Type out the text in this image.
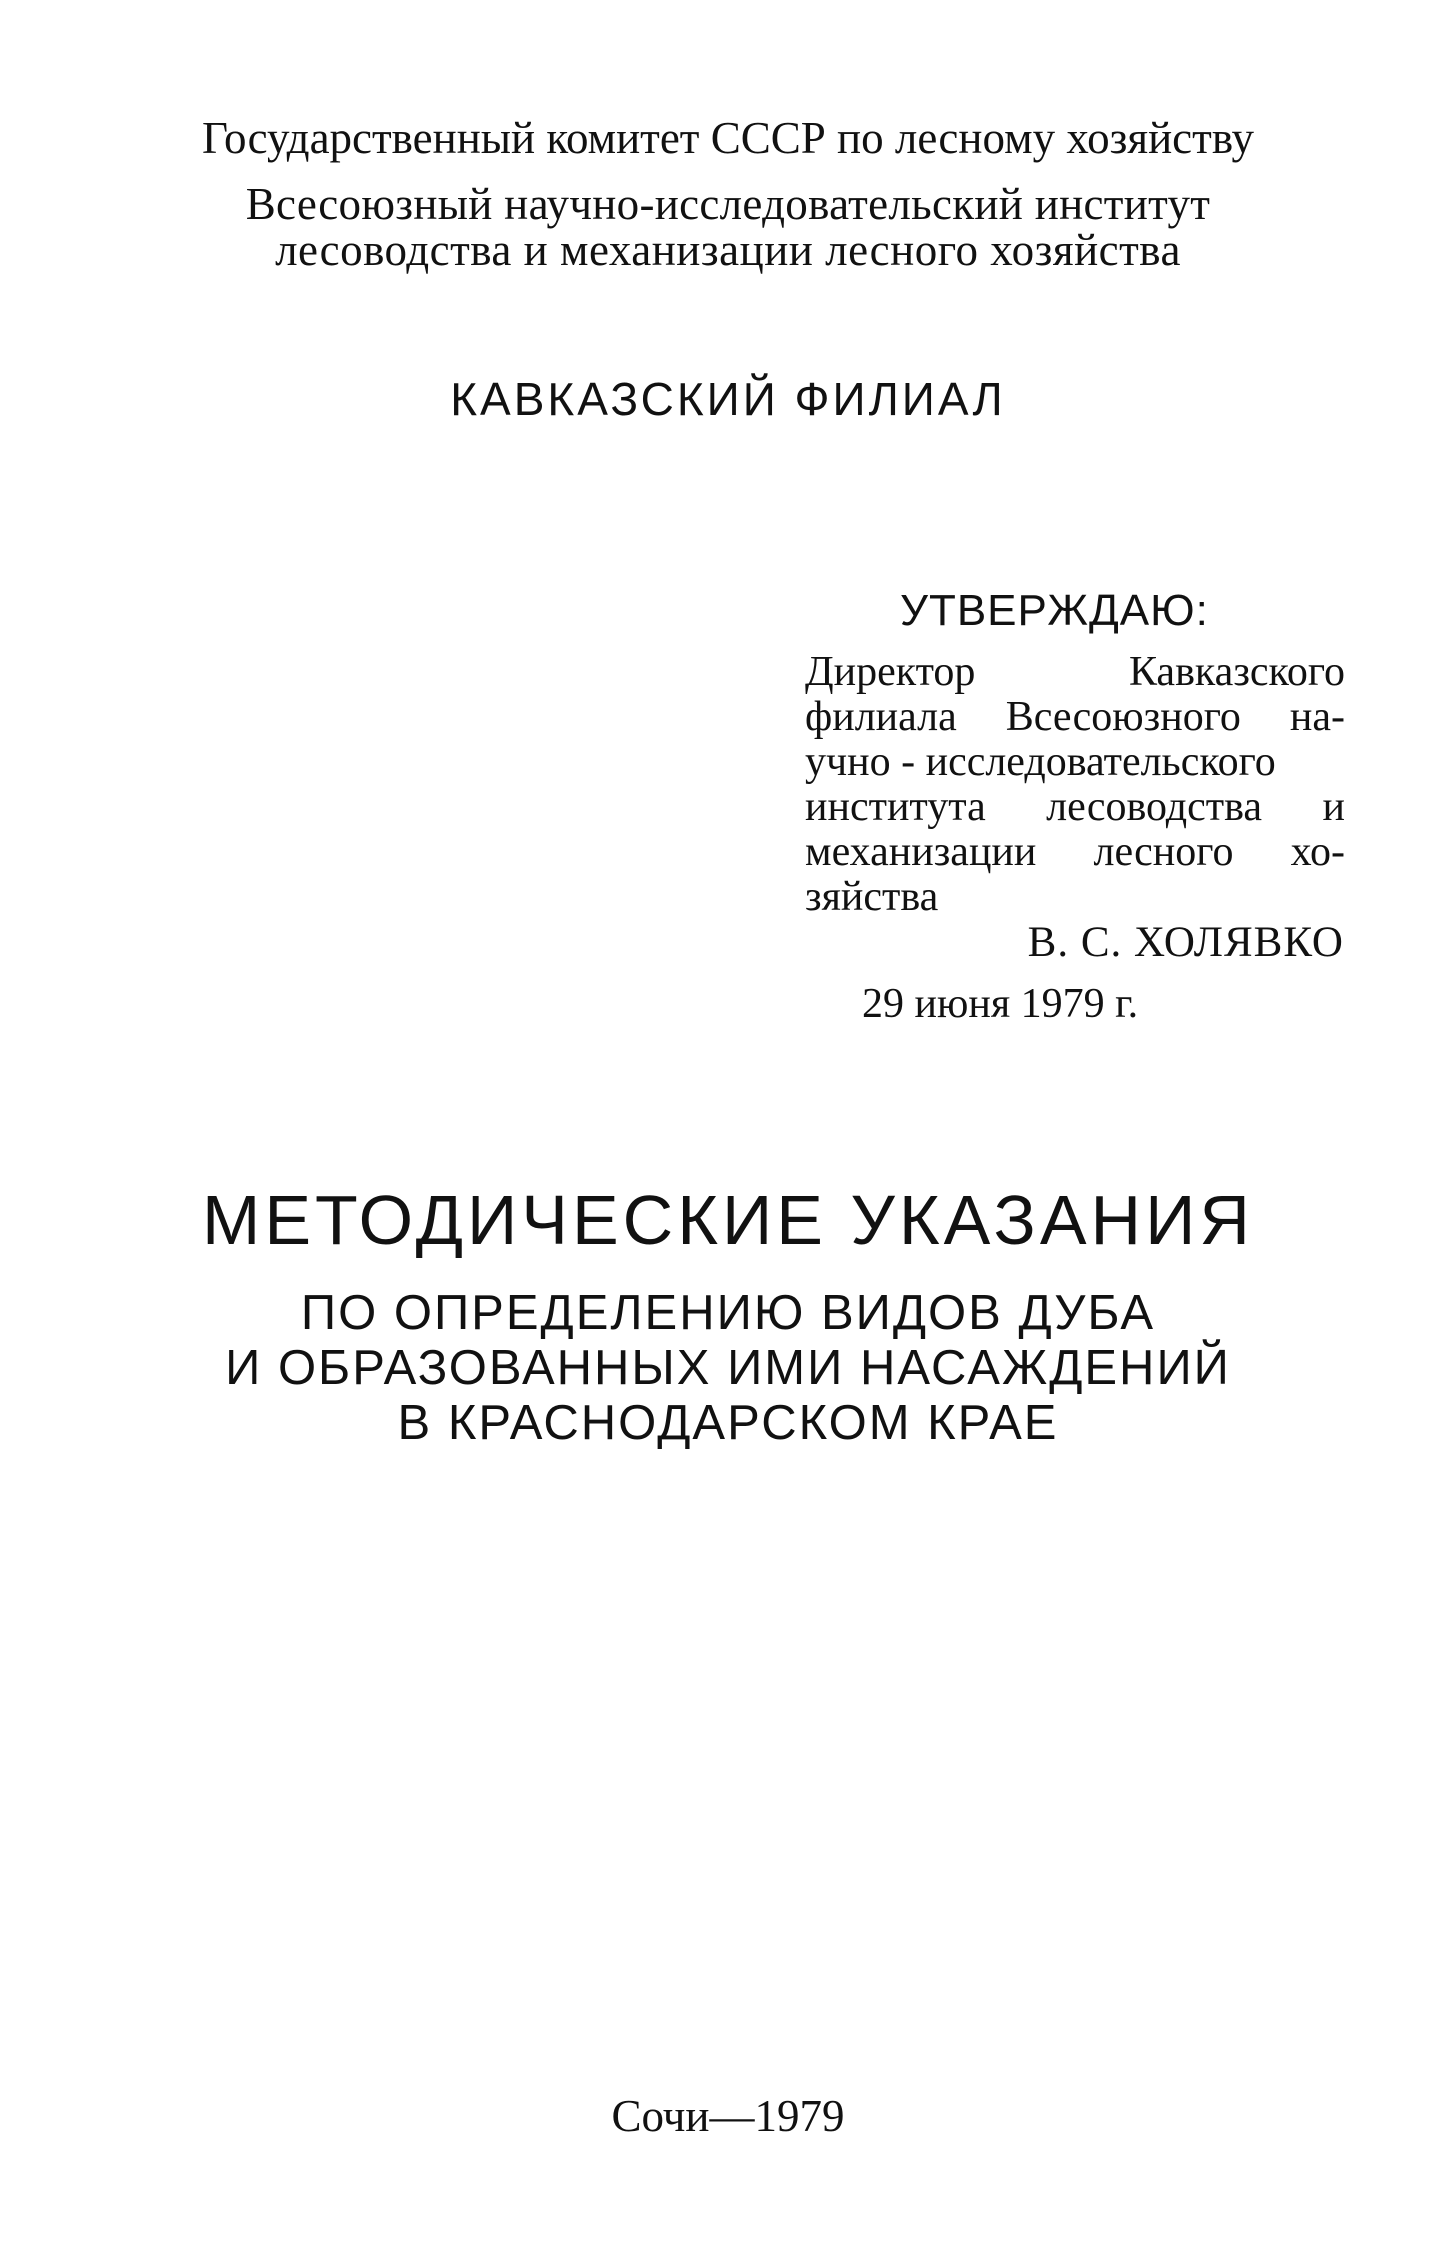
Государственный комитет СССР по лесному хозяйству
Всесоюзный научно-исследовательский институт
лесоводства и механизации лесного хозяйства
КАВКАЗСКИЙ ФИЛИАЛ
УТВЕРЖДАЮ:
Директор	Кавказского
филиала Всесоюзного на-
учно - исследовательского
института лесоводства и
механизации лесного хо-
зяйства
В. С. ХОЛЯВКО
29 июня 1979 г.
МЕТОДИЧЕСКИЕ УКАЗАНИЯ
ПО ОПРЕДЕЛЕНИЮ ВИДОВ ДУБА
И ОБРАЗОВАННЫХ ИМИ НАСАЖДЕНИЙ
В КРАСНОДАРСКОМ КРАЕ
Сочи—1979
